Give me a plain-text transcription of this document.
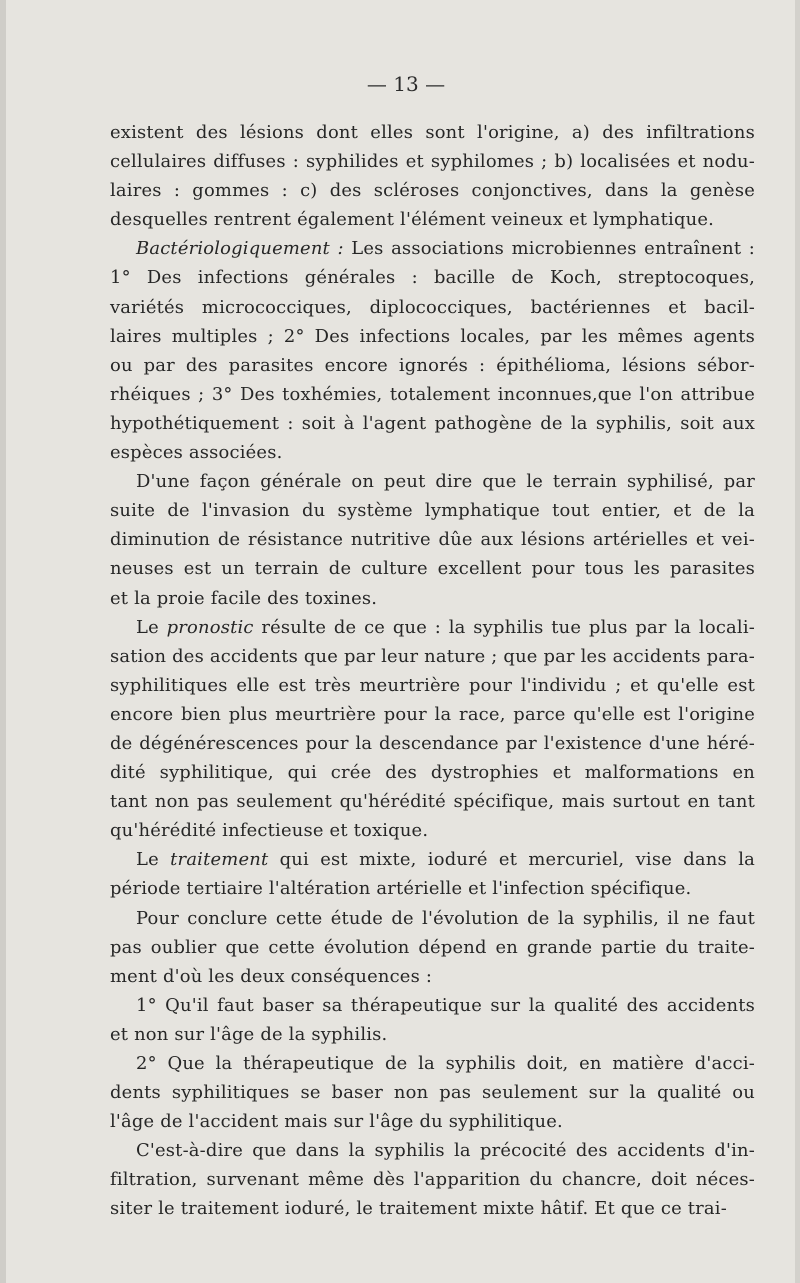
— 13 —
existent des lésions dont elles sont l'origine, a) des infiltrations
cellulaires diffuses : syphilides et syphilomes ; b) localisées et nodu-
laires : gommes : c) des scléroses conjonctives, dans la genèse
desquelles rentrent également l'élément veineux et lymphatique.
Bactériologiquement : Les associations microbiennes entraînent :
1° Des infections générales : bacille de Koch, streptocoques,
variétés micrococciques, diplococciques, bactériennes et bacil-
laires multiples ; 2° Des infections locales, par les mêmes agents
ou par des parasites encore ignorés : épithélioma, lésions sébor-
rhéiques ; 3° Des toxhémies, totalement inconnues,que l'on attribue
hypothétiquement : soit à l'agent pathogène de la syphilis, soit aux
espèces associées.
D'une façon générale on peut dire que le terrain syphilisé, par
suite de l'invasion du système lymphatique tout entier, et de la
diminution de résistance nutritive dûe aux lésions artérielles et vei-
neuses est un terrain de culture excellent pour tous les parasites
et la proie facile des toxines.
Le pronostic résulte de ce que : la syphilis tue plus par la locali-
sation des accidents que par leur nature ; que par les accidents para-
syphilitiques elle est très meurtrière pour l'individu ; et qu'elle est
encore bien plus meurtrière pour la race, parce qu'elle est l'origine
de dégénérescences pour la descendance par l'existence d'une héré-
dité syphilitique, qui crée des dystrophies et malformations en
tant non pas seulement qu'hérédité spécifique, mais surtout en tant
qu'hérédité infectieuse et toxique.
Le traitement qui est mixte, ioduré et mercuriel, vise dans la
période tertiaire l'altération artérielle et l'infection spécifique.
Pour conclure cette étude de l'évolution de la syphilis, il ne faut
pas oublier que cette évolution dépend en grande partie du traite-
ment d'où les deux conséquences :
1° Qu'il faut baser sa thérapeutique sur la qualité des accidents
et non sur l'âge de la syphilis.
2° Que la thérapeutique de la syphilis doit, en matière d'acci-
dents syphilitiques se baser non pas seulement sur la qualité ou
l'âge de l'accident mais sur l'âge du syphilitique.
C'est-à-dire que dans la syphilis la précocité des accidents d'in-
filtration, survenant même dès l'apparition du chancre, doit néces-
siter le traitement ioduré, le traitement mixte hâtif. Et que ce trai-
